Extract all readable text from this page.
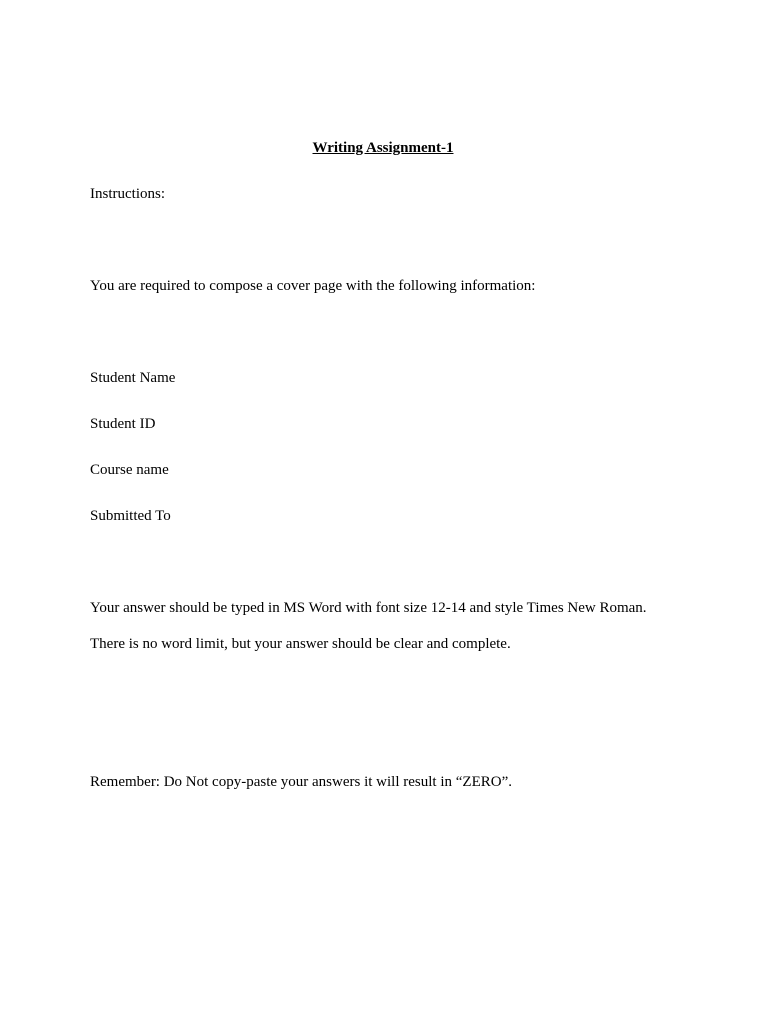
Writing Assignment-1
Instructions:
You are required to compose a cover page with the following information:
Student Name
Student ID
Course name
Submitted To
Your answer should be typed in MS Word with font size 12-14 and style Times New Roman.
There is no word limit, but your answer should be clear and complete.
Remember: Do Not copy-paste your answers it will result in “ZERO”.
